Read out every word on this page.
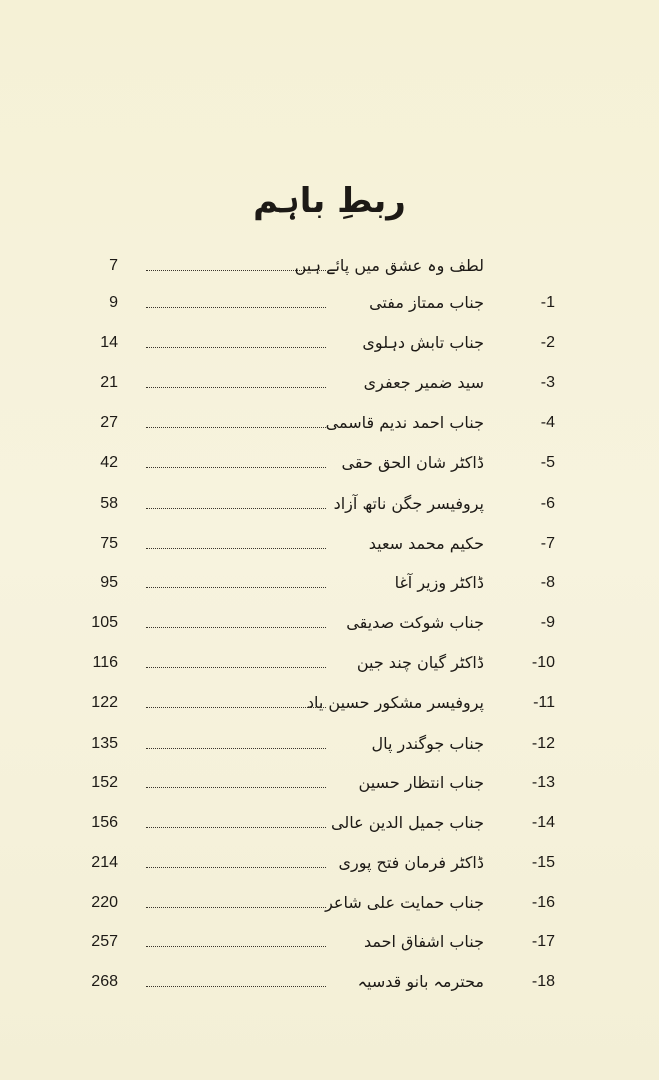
ربطِ باہم
لطف وہ عشق میں پائے ہیں
7
-1
جناب ممتاز مفتی
9
-2
جناب تابش دہلوی
14
-3
سید ضمیر جعفری
21
-4
جناب احمد ندیم قاسمی
27
-5
ڈاکٹر شان الحق حقی
42
-6
پروفیسر جگن ناتھ آزاد
58
-7
حکیم محمد سعید
75
-8
ڈاکٹر وزیر آغا
95
-9
جناب شوکت صدیقی
105
-10
ڈاکٹر گیان چند جین
116
-11
پروفیسر مشکور حسین یاد
122
-12
جناب جوگندر پال
135
-13
جناب انتظار حسین
152
-14
جناب جمیل الدین عالی
156
-15
ڈاکٹر فرمان فتح پوری
214
-16
جناب حمایت علی شاعر
220
-17
جناب اشفاق احمد
257
-18
محترمہ بانو قدسیہ
268
